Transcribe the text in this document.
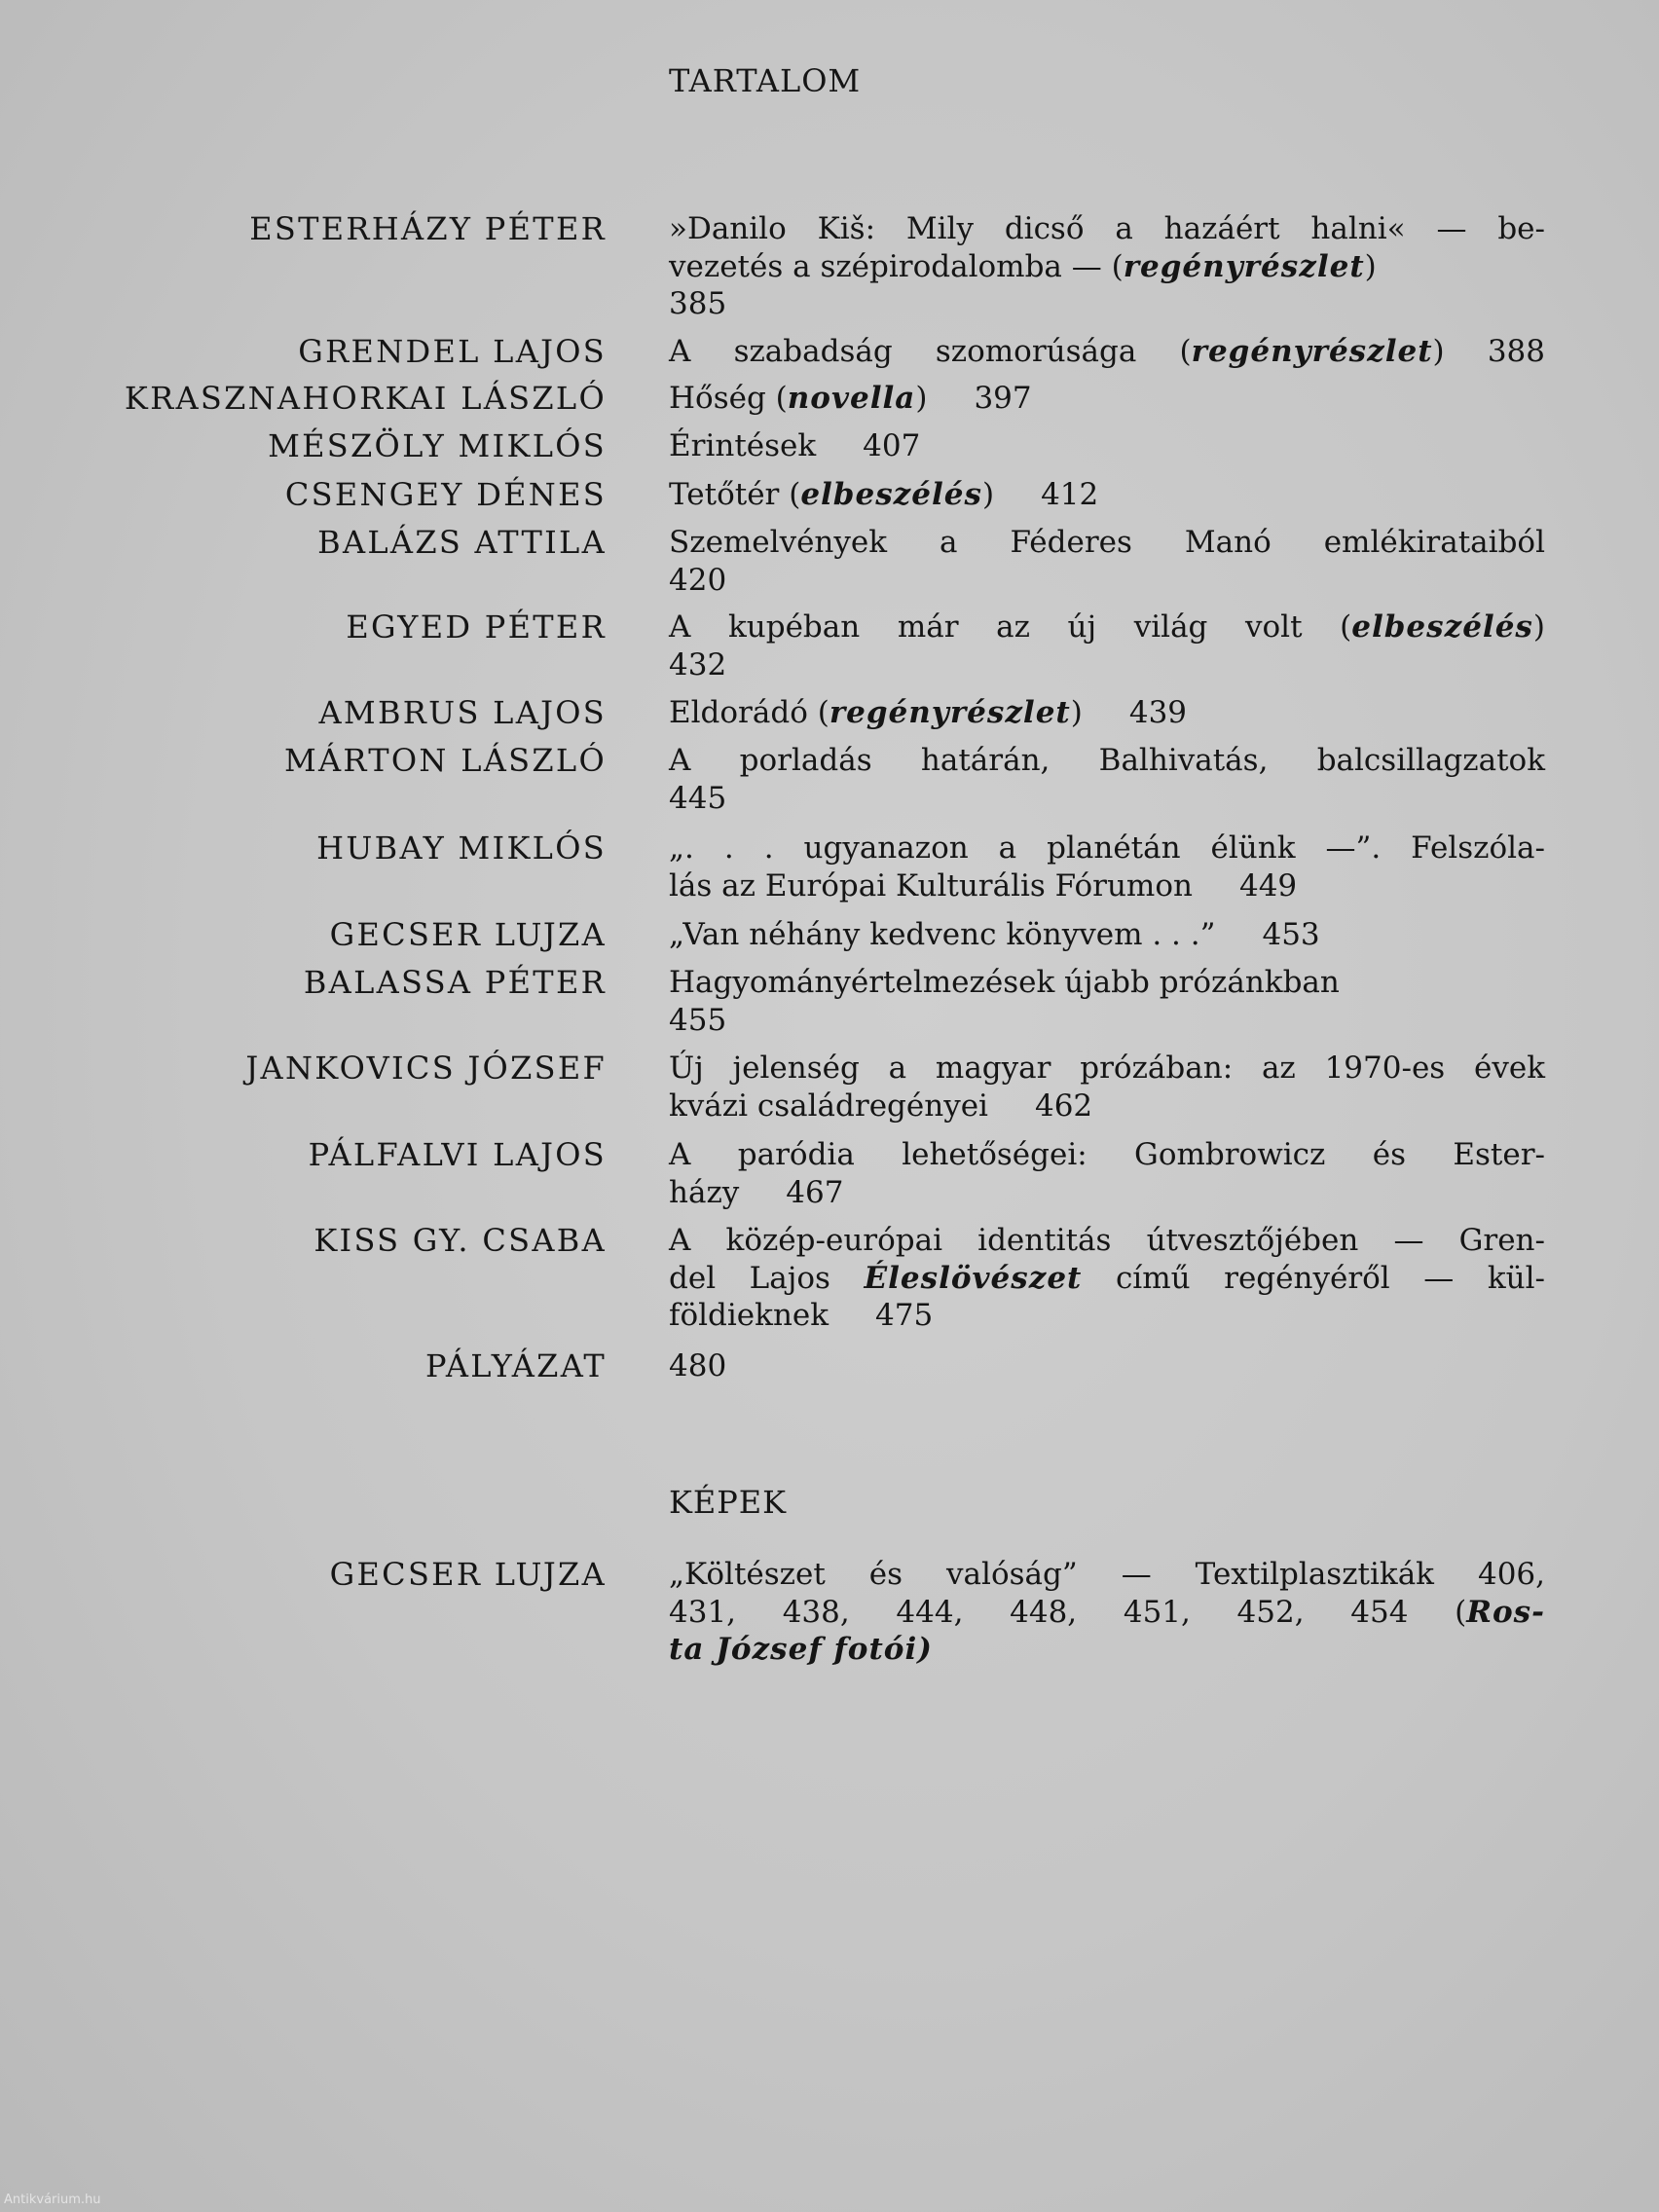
TARTALOM
ESTERHÁZY PÉTER »Danilo Kiš: Mily dicső a hazáért halni« — be-
vezetés a szépirodalomba — (regényrészlet)
385
GRENDEL LAJOS A szabadság szomorúsága (regényrészlet) 388
KRASZNAHORKAI LÁSZLÓ Hőség (novella) 397
MÉSZÖLY MIKLÓS Érintések 407
CSENGEY DÉNES Tetőtér (elbeszélés) 412
BALÁZS ATTILA Szemelvények a Féderes Manó emlékirataiból
420
EGYED PÉTER A kupéban már az új világ volt (elbeszélés)
432
AMBRUS LAJOS Eldorádó (regényrészlet) 439
MÁRTON LÁSZLÓ A porladás határán, Balhivatás, balcsillagzatok
445
HUBAY MIKLÓS „. . . ugyanazon a planétán élünk —”. Felszóla-
lás az Európai Kulturális Fórumon 449
GECSER LUJZA „Van néhány kedvenc könyvem . . .” 453
BALASSA PÉTER Hagyományértelmezések újabb prózánkban
455
JANKOVICS JÓZSEF Új jelenség a magyar prózában: az 1970-es évek
kvázi családregényei 462
PÁLFALVI LAJOS A paródia lehetőségei: Gombrowicz és Ester-
házy 467
KISS GY. CSABA A közép-európai identitás útvesztőjében — Gren-
del Lajos Éleslövészet című regényéről — kül-
földieknek 475
PÁLYÁZAT 480
GECSER LUJZA „Költészet és valóság” — Textilplasztikák 406,
431, 438, 444, 448, 451, 452, 454 (Ros-
ta József fotói)
KÉPEK
Antikvárium.hu
